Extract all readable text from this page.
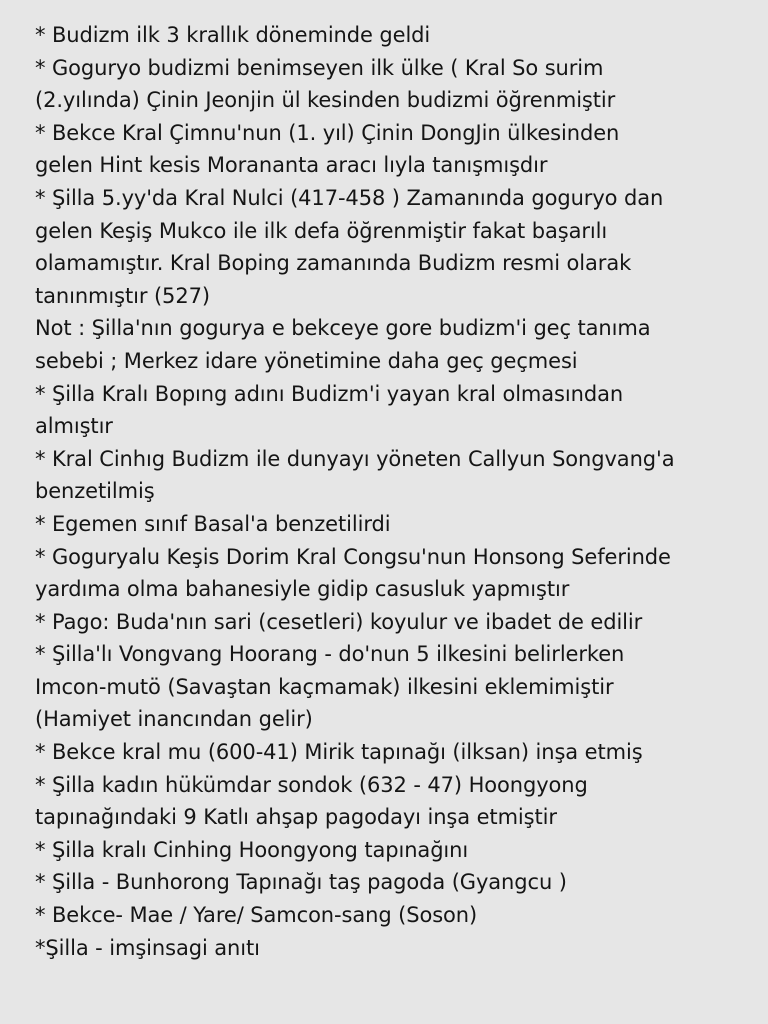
* Budizm ilk 3 krallık döneminde geldi

* Goguryo budizmi benimseyen ilk ülke ( Kral So surim

(2.yılında) Çinin Jeonjin ül kesinden budizmi öğrenmiştir

* Bekce Kral Çimnu'nun (1. yıl) Çinin DongJin ülkesinden

gelen Hint kesis Morananta aracı lıyla tanışmışdır

* Şilla 5.yy'da Kral Nulci (417-458 ) Zamanında goguryo dan

gelen Keşiş Mukco ile ilk defa öğrenmiştir fakat başarılı

olamamıştır. Kral Boping zamanında Budizm resmi olarak

tanınmıştır (527)

Not : Şilla'nın gogurya e bekceye gore budizm'i geç tanıma

sebebi ; Merkez idare yönetimine daha geç geçmesi

* Şilla Kralı Bopıng adını Budizm'i yayan kral olmasından

almıştır

* Kral Cinhıg Budizm ile dunyayı yöneten Callyun Songvang'a

benzetilmiş

* Egemen sınıf Basal'a benzetilirdi

* Goguryalu Keşis Dorim Kral Congsu'nun Honsong Seferinde

yardıma olma bahanesiyle gidip casusluk yapmıştır

* Pago: Buda'nın sari (cesetleri) koyulur ve ibadet de edilir

* Şilla'lı Vongvang Hoorang - do'nun 5 ilkesini belirlerken

Imcon-mutö (Savaştan kaçmamak) ilkesini eklemimiştir

(Hamiyet inancından gelir)

* Bekce kral mu (600-41) Mirik tapınağı (ilksan) inşa etmiş

* Şilla kadın hükümdar sondok (632 - 47) Hoongyong

tapınağındaki 9 Katlı ahşap pagodayı inşa etmiştir

* Şilla kralı Cinhing Hoongyong tapınağını

* Şilla - Bunhorong Tapınağı taş pagoda (Gyangcu )

* Bekce- Mae / Yare/ Samcon-sang (Soson)

*Şilla - imşinsagi anıtı
